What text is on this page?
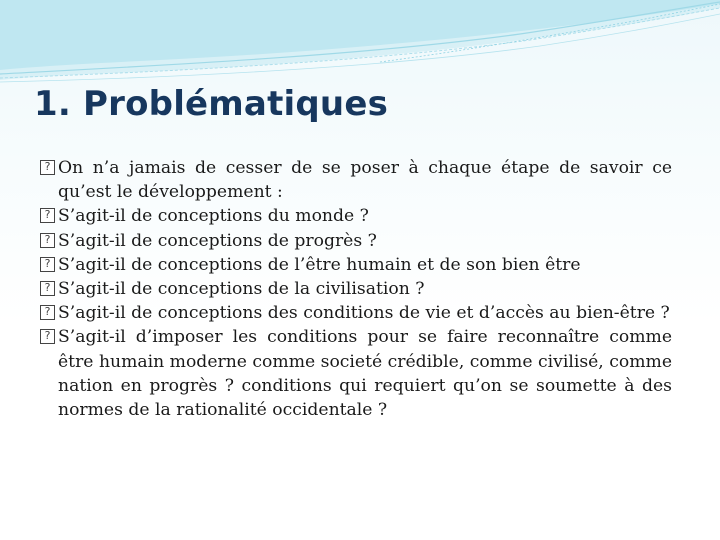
1. Problématiques
? On n’a jamais de cesser de se poser à chaque étape de savoir ce qu’est le développement :
? S’agit-il de conceptions du monde ?
? S’agit-il de conceptions de progrès ?
? S’agit-il de conceptions de l’être humain et de son bien être
? S’agit-il de conceptions de la civilisation ?
? S’agit-il de conceptions des conditions de vie et d’accès au bien-être ?
? S’agit-il d’imposer les conditions pour se faire reconnaître comme être humain moderne comme societé crédible, comme civilisé, comme nation en progrès ? conditions qui requiert qu’on se soumette à des normes de la rationalité occidentale ?
